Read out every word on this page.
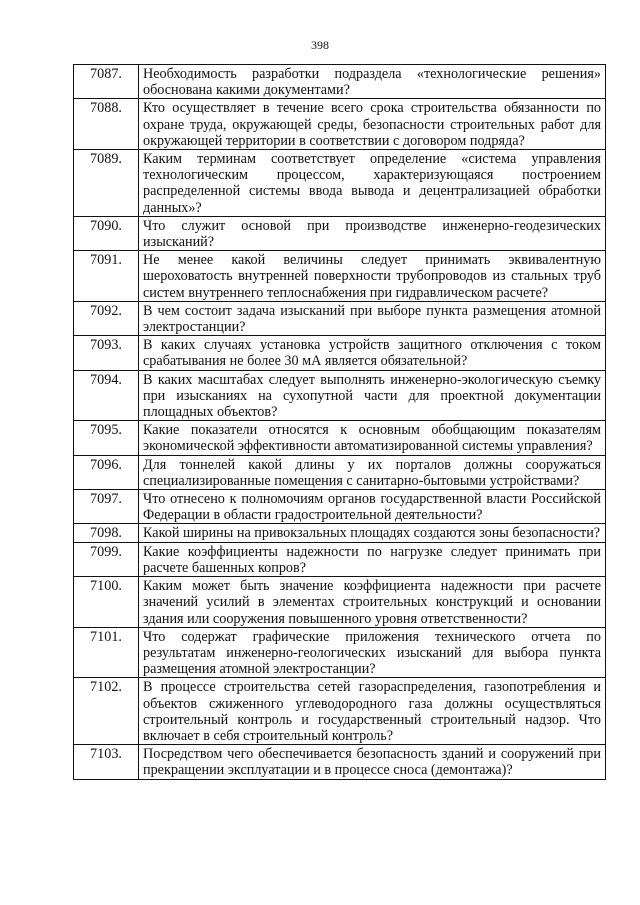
398
7087.	Необходимость разработки подраздела «технологические решения» обоснована какими документами?
7088.	Кто осуществляет в течение всего срока строительства обязанности по охране труда, окружающей среды, безопасности строительных работ для окружающей территории в соответствии с договором подряда?
7089.	Каким терминам соответствует определение «система управления технологическим процессом, характеризующаяся построением распределенной системы ввода вывода и децентрализацией обработки данных»?
7090.	Что служит основой при производстве инженерно-геодезических изысканий?
7091.	Не менее какой величины следует принимать эквивалентную шероховатость внутренней поверхности трубопроводов из стальных труб систем внутреннего теплоснабжения при гидравлическом расчете?
7092.	В чем состоит задача изысканий при выборе пункта размещения атомной электростанции?
7093.	В каких случаях установка устройств защитного отключения с током срабатывания не более 30 мА является обязательной?
7094.	В каких масштабах следует выполнять инженерно-экологическую съемку при изысканиях на сухопутной части для проектной документации площадных объектов?
7095.	Какие показатели относятся к основным обобщающим показателям экономической эффективности автоматизированной системы управления?
7096.	Для тоннелей какой длины у их порталов должны сооружаться специализированные помещения с санитарно-бытовыми устройствами?
7097.	Что отнесено к полномочиям органов государственной власти Российской Федерации в области градостроительной деятельности?
7098.	Какой ширины на привокзальных площадях создаются зоны безопасности?
7099.	Какие коэффициенты надежности по нагрузке следует принимать при расчете башенных копров?
7100.	Каким может быть значение коэффициента надежности при расчете значений усилий в элементах строительных конструкций и основании здания или сооружения повышенного уровня ответственности?
7101.	Что содержат графические приложения технического отчета по результатам инженерно-геологических изысканий для выбора пункта размещения атомной электростанции?
7102.	В процессе строительства сетей газораспределения, газопотребления и объектов сжиженного углеводородного газа должны осуществляться строительный контроль и государственный строительный надзор. Что включает в себя строительный контроль?
7103.	Посредством чего обеспечивается безопасность зданий и сооружений при прекращении эксплуатации и в процессе сноса (демонтажа)?
